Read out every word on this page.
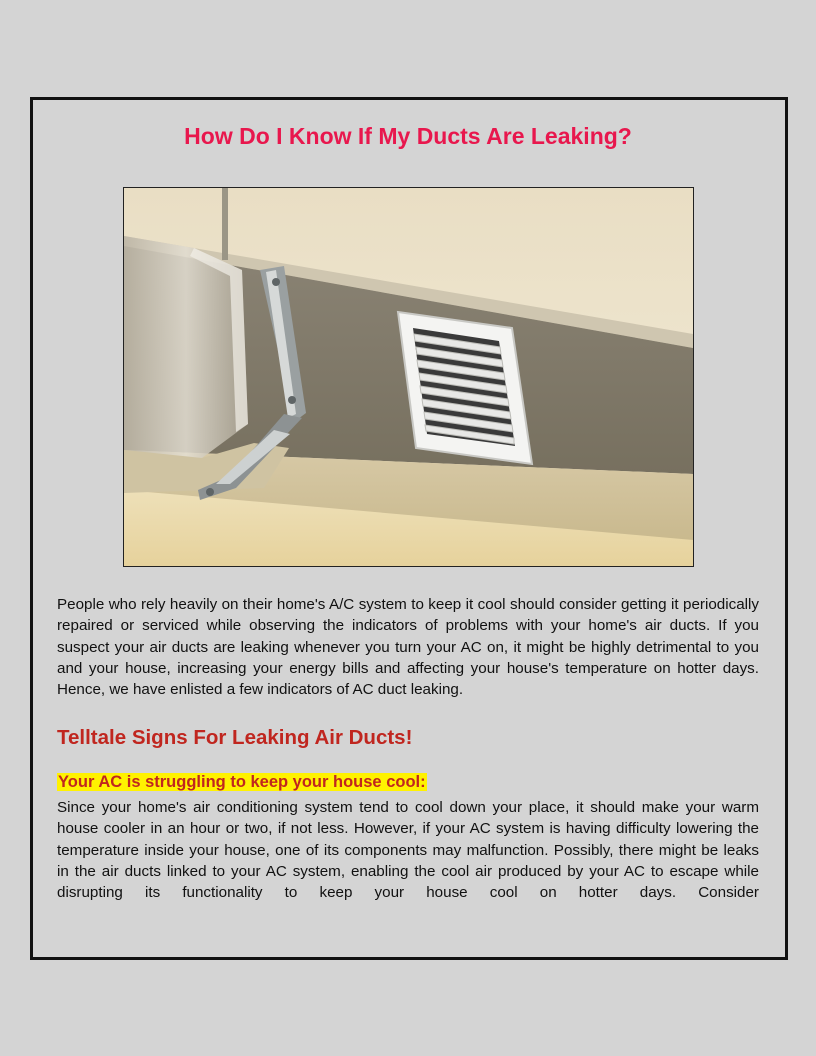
How Do I Know If My Ducts Are Leaking?

People who rely heavily on their home's A/C system to keep it cool should consider getting it periodically repaired or serviced while observing the indicators of problems with your home's air ducts. If you suspect your air ducts are leaking whenever you turn your AC on, it might be highly detrimental to you and your house, increasing your energy bills and affecting your house's temperature on hotter days. Hence, we have enlisted a few indicators of AC duct leaking.

Telltale Signs For Leaking Air Ducts!
Your AC is struggling to keep your house cool:

Since your home's air conditioning system tend to cool down your place, it should make your warm house cooler in an hour or two, if not less. However, if your AC system is having difficulty lowering the temperature inside your house, one of its components may malfunction. Possibly, there might be leaks in the air ducts linked to your AC system, enabling the cool air produced by your AC to escape while disrupting its functionality to keep your house cool on hotter days. Consider
